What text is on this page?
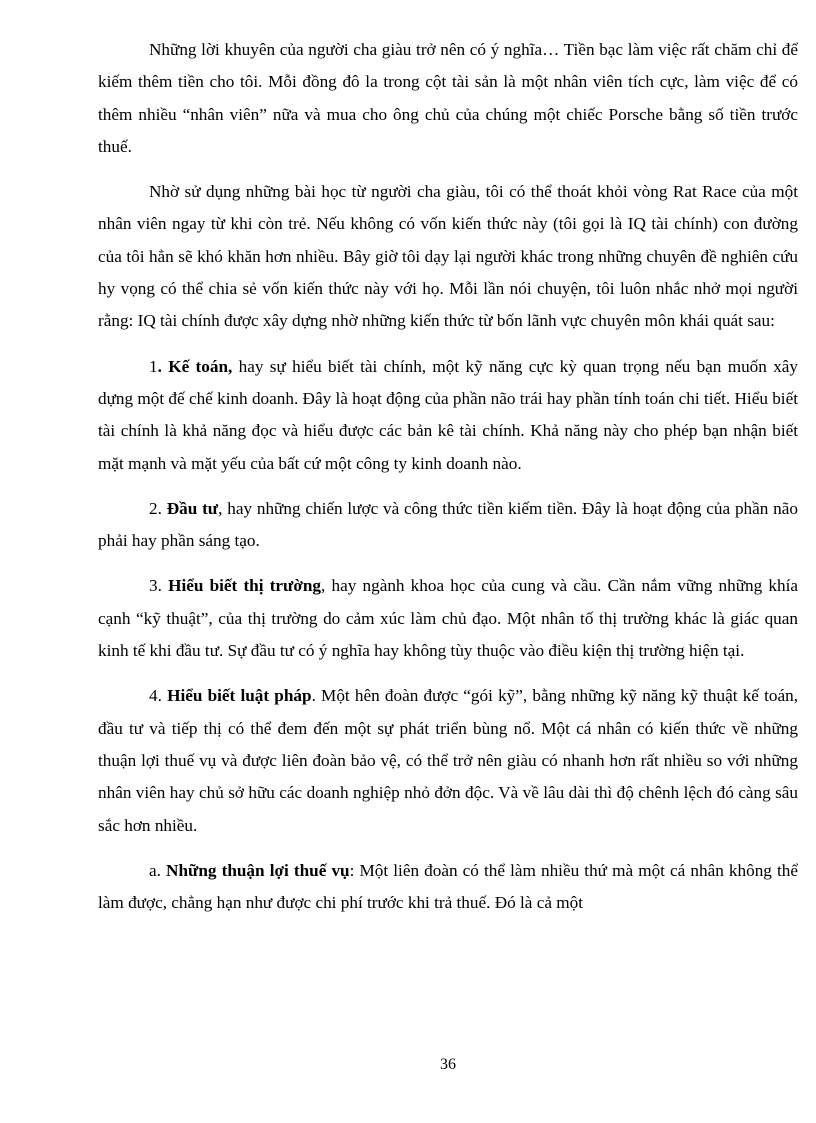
Những lời khuyên của người cha giàu trở nên có ý nghĩa… Tiền bạc làm việc rất chăm chỉ để kiếm thêm tiền cho tôi. Mỗi đồng đô la trong cột tài sản là một nhân viên tích cực, làm việc để có thêm nhiều “nhân viên” nữa và mua cho ông chủ của chúng một chiếc Porsche bằng số tiền trước thuế.

Nhờ sử dụng những bài học từ người cha giàu, tôi có thể thoát khỏi vòng Rat Race của một nhân viên ngay từ khi còn trẻ. Nếu không có vốn kiến thức này (tôi gọi là IQ tài chính) con đường của tôi hẳn sẽ khó khăn hơn nhiều. Bây giờ tôi dạy lại người khác trong những chuyên đề nghiên cứu hy vọng có thể chia sẻ vốn kiến thức này với họ. Mỗi lần nói chuyện, tôi luôn nhắc nhở mọi người rằng: IQ tài chính được xây dựng nhờ những kiến thức từ bốn lãnh vực chuyên môn khái quát sau:

1. Kế toán, hay sự hiểu biết tài chính, một kỹ năng cực kỳ quan trọng nếu bạn muốn xây dựng một đế chế kinh doanh. Đây là hoạt động của phần não trái hay phần tính toán chi tiết. Hiểu biết tài chính là khả năng đọc và hiểu được các bản kê tài chính. Khả năng này cho phép bạn nhận biết mặt mạnh và mặt yếu của bất cứ một công ty kinh doanh nào.

2. Đầu tư, hay những chiến lược và công thức tiền kiếm tiền. Đây là hoạt động của phần não phải hay phần sáng tạo.

3. Hiểu biết thị trường, hay ngành khoa học của cung và cầu. Cần nắm vững những khía cạnh “kỹ thuật”, của thị trường do cảm xúc làm chủ đạo. Một nhân tố thị trường khác là giác quan kinh tế khi đầu tư. Sự đầu tư có ý nghĩa hay không tùy thuộc vào điều kiện thị trường hiện tại.

4. Hiểu biết luật pháp. Một hên đoàn được “gói kỹ”, bằng những kỹ năng kỹ thuật kế toán, đầu tư và tiếp thị có thể đem đến một sự phát triển bùng nổ. Một cá nhân có kiến thức về những thuận lợi thuế vụ và được liên đoàn bảo vệ, có thể trở nên giàu có nhanh hơn rất nhiều so với những nhân viên hay chủ sở hữu các doanh nghiệp nhỏ đởn độc. Và về lâu dài thì độ chênh lệch đó càng sâu sắc hơn nhiều.

a. Những thuận lợi thuế vụ: Một liên đoàn có thể làm nhiều thứ mà một cá nhân không thể làm được, chẳng hạn như được chi phí trước khi trả thuế. Đó là cả một

36
